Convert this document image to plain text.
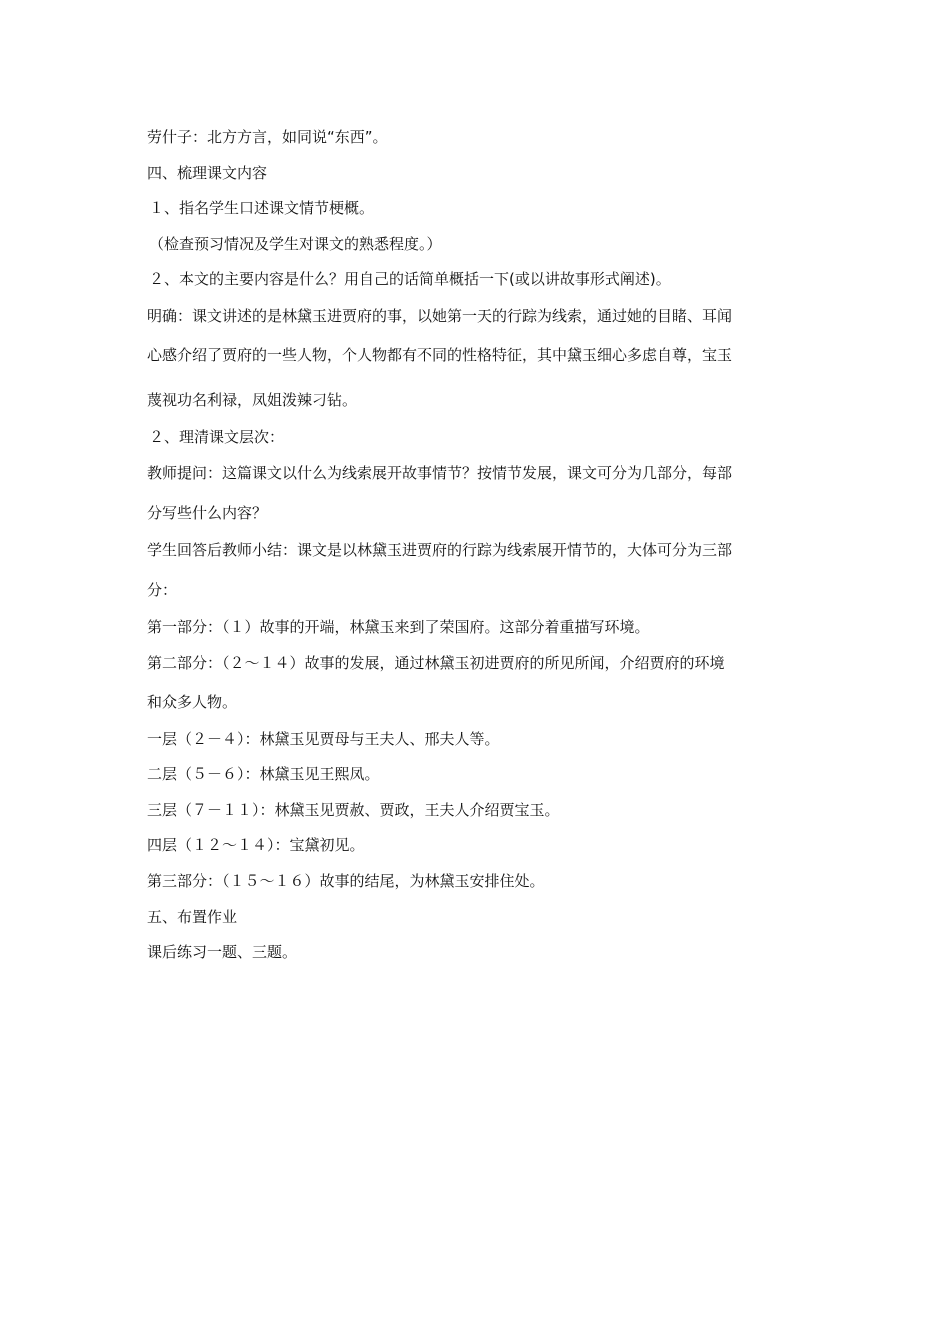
劳什子：北方方言，如同说“东西”。
四、梳理课文内容
１、指名学生口述课文情节梗概。
（检查预习情况及学生对课文的熟悉程度。）
２、本文的主要内容是什么？用自己的话简单概括一下(或以讲故事形式阐述)。
明确：课文讲述的是林黛玉进贾府的事，以她第一天的行踪为线索，通过她的目睹、耳闻
心感介绍了贾府的一些人物，个人物都有不同的性格特征，其中黛玉细心多虑自尊，宝玉
蔑视功名利禄，凤姐泼辣刁钻。
２、理清课文层次：
教师提问：这篇课文以什么为线索展开故事情节？按情节发展，课文可分为几部分，每部
分写些什么内容？
学生回答后教师小结：课文是以林黛玉进贾府的行踪为线索展开情节的，大体可分为三部
分：
第一部分：（１）故事的开端，林黛玉来到了荣国府。这部分着重描写环境。
第二部分：（２～１４）故事的发展，通过林黛玉初进贾府的所见所闻，介绍贾府的环境
和众多人物。
一层（２－４）：林黛玉见贾母与王夫人、邢夫人等。
二层（５－６）：林黛玉见王熙凤。
三层（７－１１）：林黛玉见贾赦、贾政，王夫人介绍贾宝玉。
四层（１２～１４）：宝黛初见。
第三部分：（１５～１６）故事的结尾，为林黛玉安排住处。
五、布置作业
课后练习一题、三题。
